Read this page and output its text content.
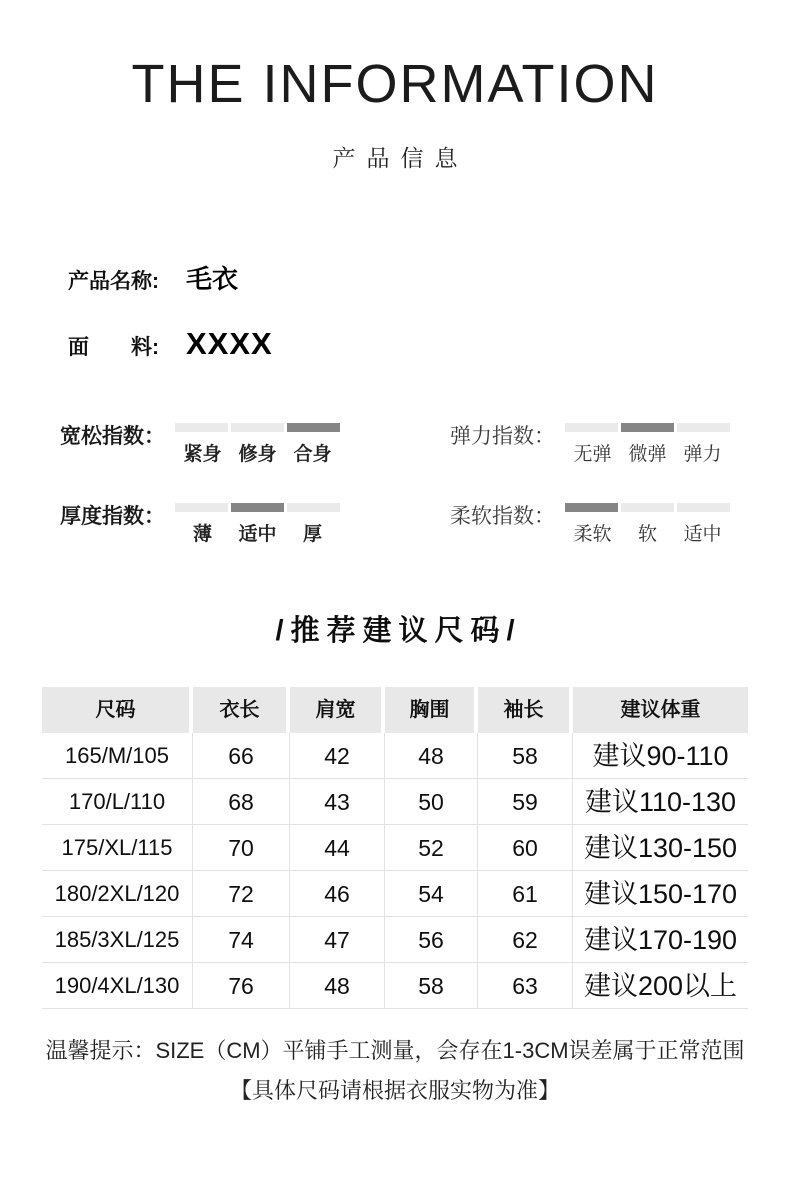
THE INFORMATION
产品信息
产品名称:	毛衣
面　　料: XXXX
宽松指数：
紧身 修身 合身
弹力指数：
无弹 微弹 弹力
厚度指数：
薄	适中	厚
柔软指数：
柔软	软	适中
/推荐建议尺码/
尺码	衣长	肩宽	胸围	袖长	建议体重
165/M/105	66	42	48	58	建议90-110
170/L/110	68	43	50	59	建议110-130
175/XL/115	70	44	52	60	建议130-150
180/2XL/120	72	46	54	61	建议150-170
185/3XL/125	74	47	56	62	建议170-190
190/4XL/130	76	48	58	63	建议200以上

温馨提示：SIZE（CM）平铺手工测量，会存在1-3CM误差属于正常范围

【具体尺码请根据衣服实物为准】
